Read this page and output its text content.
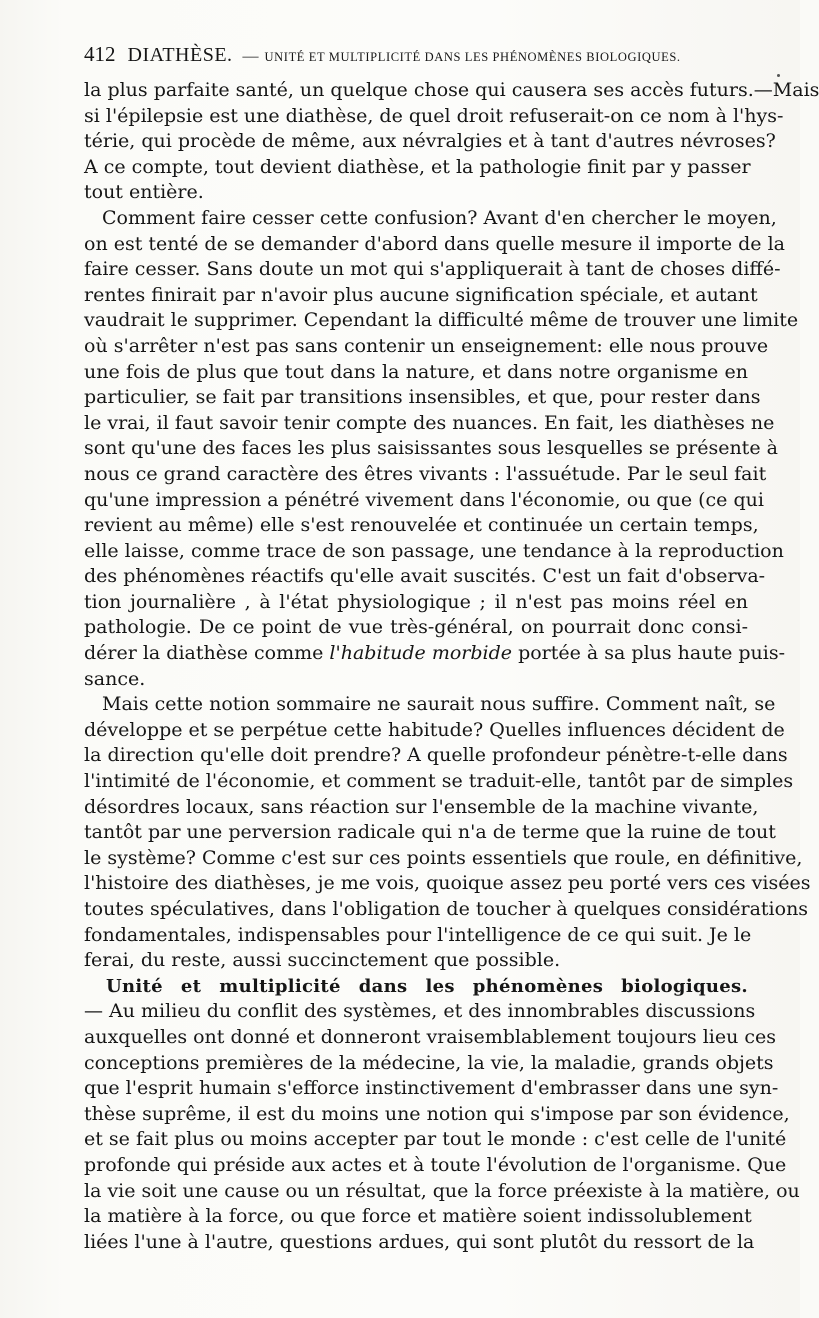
412 DIATHÈSE. — UNITÉ ET MULTIPLICITÉ DANS LES PHÉNOMÈNES BIOLOGIQUES.
la plus parfaite santé, un quelque chose qui causera ses accès futurs.—Mais
si l'épilepsie est une diathèse, de quel droit refuserait-on ce nom à l'hys-
térie, qui procède de même, aux névralgies et à tant d'autres névroses?
A ce compte, tout devient diathèse, et la pathologie finit par y passer
tout entière.
Comment faire cesser cette confusion? Avant d'en chercher le moyen,
on est tenté de se demander d'abord dans quelle mesure il importe de la
faire cesser. Sans doute un mot qui s'appliquerait à tant de choses diffé-
rentes finirait par n'avoir plus aucune signification spéciale, et autant
vaudrait le supprimer. Cependant la difficulté même de trouver une limite
où s'arrêter n'est pas sans contenir un enseignement: elle nous prouve
une fois de plus que tout dans la nature, et dans notre organisme en
particulier, se fait par transitions insensibles, et que, pour rester dans
le vrai, il faut savoir tenir compte des nuances. En fait, les diathèses ne
sont qu'une des faces les plus saisissantes sous lesquelles se présente à
nous ce grand caractère des êtres vivants : l'assuétude. Par le seul fait
qu'une impression a pénétré vivement dans l'économie, ou que (ce qui
revient au même) elle s'est renouvelée et continuée un certain temps,
elle laisse, comme trace de son passage, une tendance à la reproduction
des phénomènes réactifs qu'elle avait suscités. C'est un fait d'observa-
tion journalière , à l'état physiologique ; il n'est pas moins réel en
pathologie. De ce point de vue très-général, on pourrait donc consi-
dérer la diathèse comme l'habitude morbide portée à sa plus haute puis-
sance.
Mais cette notion sommaire ne saurait nous suffire. Comment naît, se
développe et se perpétue cette habitude? Quelles influences décident de
la direction qu'elle doit prendre? A quelle profondeur pénètre-t-elle dans
l'intimité de l'économie, et comment se traduit-elle, tantôt par de simples
désordres locaux, sans réaction sur l'ensemble de la machine vivante,
tantôt par une perversion radicale qui n'a de terme que la ruine de tout
le système? Comme c'est sur ces points essentiels que roule, en définitive,
l'histoire des diathèses, je me vois, quoique assez peu porté vers ces visées
toutes spéculatives, dans l'obligation de toucher à quelques considérations
fondamentales, indispensables pour l'intelligence de ce qui suit. Je le
ferai, du reste, aussi succinctement que possible.
Unité et multiplicité dans les phénomènes biologiques.
— Au milieu du conflit des systèmes, et des innombrables discussions
auxquelles ont donné et donneront vraisemblablement toujours lieu ces
conceptions premières de la médecine, la vie, la maladie, grands objets
que l'esprit humain s'efforce instinctivement d'embrasser dans une syn-
thèse suprême, il est du moins une notion qui s'impose par son évidence,
et se fait plus ou moins accepter par tout le monde : c'est celle de l'unité
profonde qui préside aux actes et à toute l'évolution de l'organisme. Que
la vie soit une cause ou un résultat, que la force préexiste à la matière, ou
la matière à la force, ou que force et matière soient indissolublement
liées l'une à l'autre, questions ardues, qui sont plutôt du ressort de la
